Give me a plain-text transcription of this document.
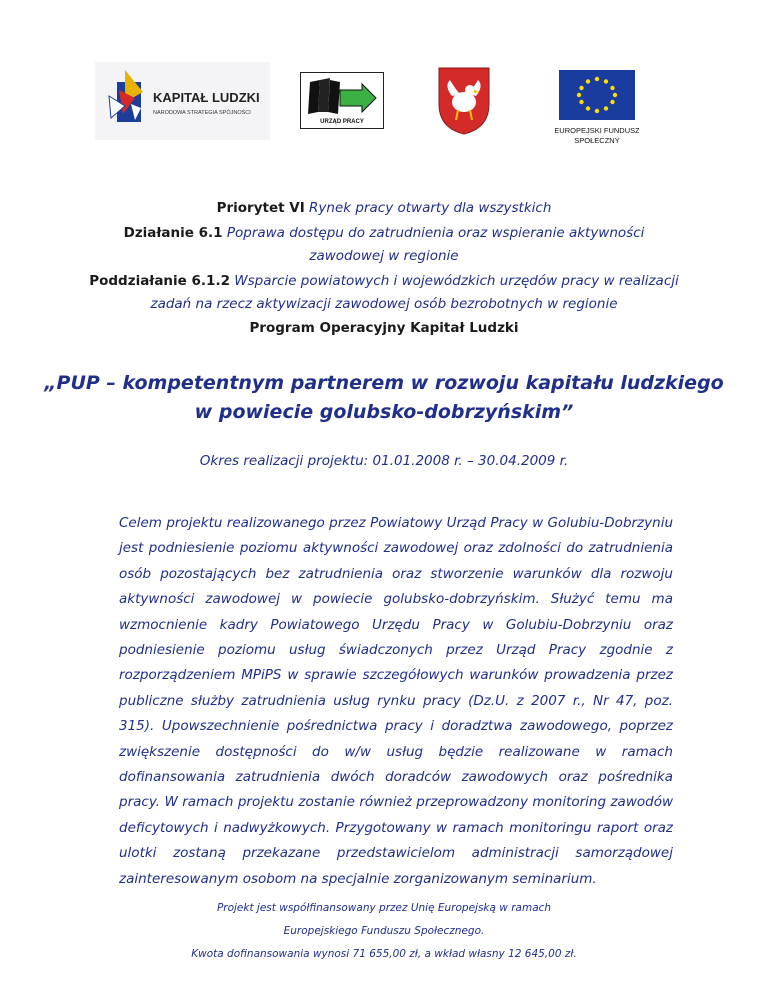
KAPITAŁ LUDZKI
NARODOWA STRATEGIA SPÓJNOŚCI
URZĄD PRACY
EUROPEJSKI FUNDUSZ
SPOŁECZNY
Priorytet VI Rynek pracy otwarty dla wszystkich
Działanie 6.1 Poprawa dostępu do zatrudnienia oraz wspieranie aktywności
zawodowej w regionie
Poddziałanie 6.1.2 Wsparcie powiatowych i wojewódzkich urzędów pracy w realizacji
zadań na rzecz aktywizacji zawodowej osób bezrobotnych w regionie
Program Operacyjny Kapitał Ludzki
„PUP – kompetentnym partnerem w rozwoju kapitału ludzkiego
w powiecie golubsko-dobrzyńskim”
Okres realizacji projektu: 01.01.2008 r. – 30.04.2009 r.
Celem projektu realizowanego przez Powiatowy Urząd Pracy w Golubiu-Dobrzyniu jest podniesienie poziomu aktywności zawodowej oraz zdolności do zatrudnienia osób pozostających bez zatrudnienia oraz stworzenie warunków dla rozwoju aktywności zawodowej w powiecie golubsko-dobrzyńskim. Służyć temu ma wzmocnienie kadry Powiatowego Urzędu Pracy w Golubiu-Dobrzyniu oraz podniesienie poziomu usług świadczonych przez Urząd Pracy zgodnie z rozporządzeniem MPiPS w sprawie szczegółowych warunków prowadzenia przez publiczne służby zatrudnienia usług rynku pracy (Dz.U. z 2007 r., Nr 47, poz. 315). Upowszechnienie pośrednictwa pracy i doradztwa zawodowego, poprzez zwiększenie dostępności do w/w usług będzie realizowane w ramach dofinansowania zatrudnienia dwóch doradców zawodowych oraz pośrednika pracy. W ramach projektu zostanie również przeprowadzony monitoring zawodów deficytowych i nadwyżkowych. Przygotowany w ramach monitoringu raport oraz ulotki zostaną przekazane przedstawicielom administracji samorządowej zainteresowanym osobom na specjalnie zorganizowanym seminarium.
Projekt jest współfinansowany przez Unię Europejską w ramach
Europejskiego Funduszu Społecznego.
Kwota dofinansowania wynosi 71 655,00 zł, a wkład własny 12 645,00 zł.
